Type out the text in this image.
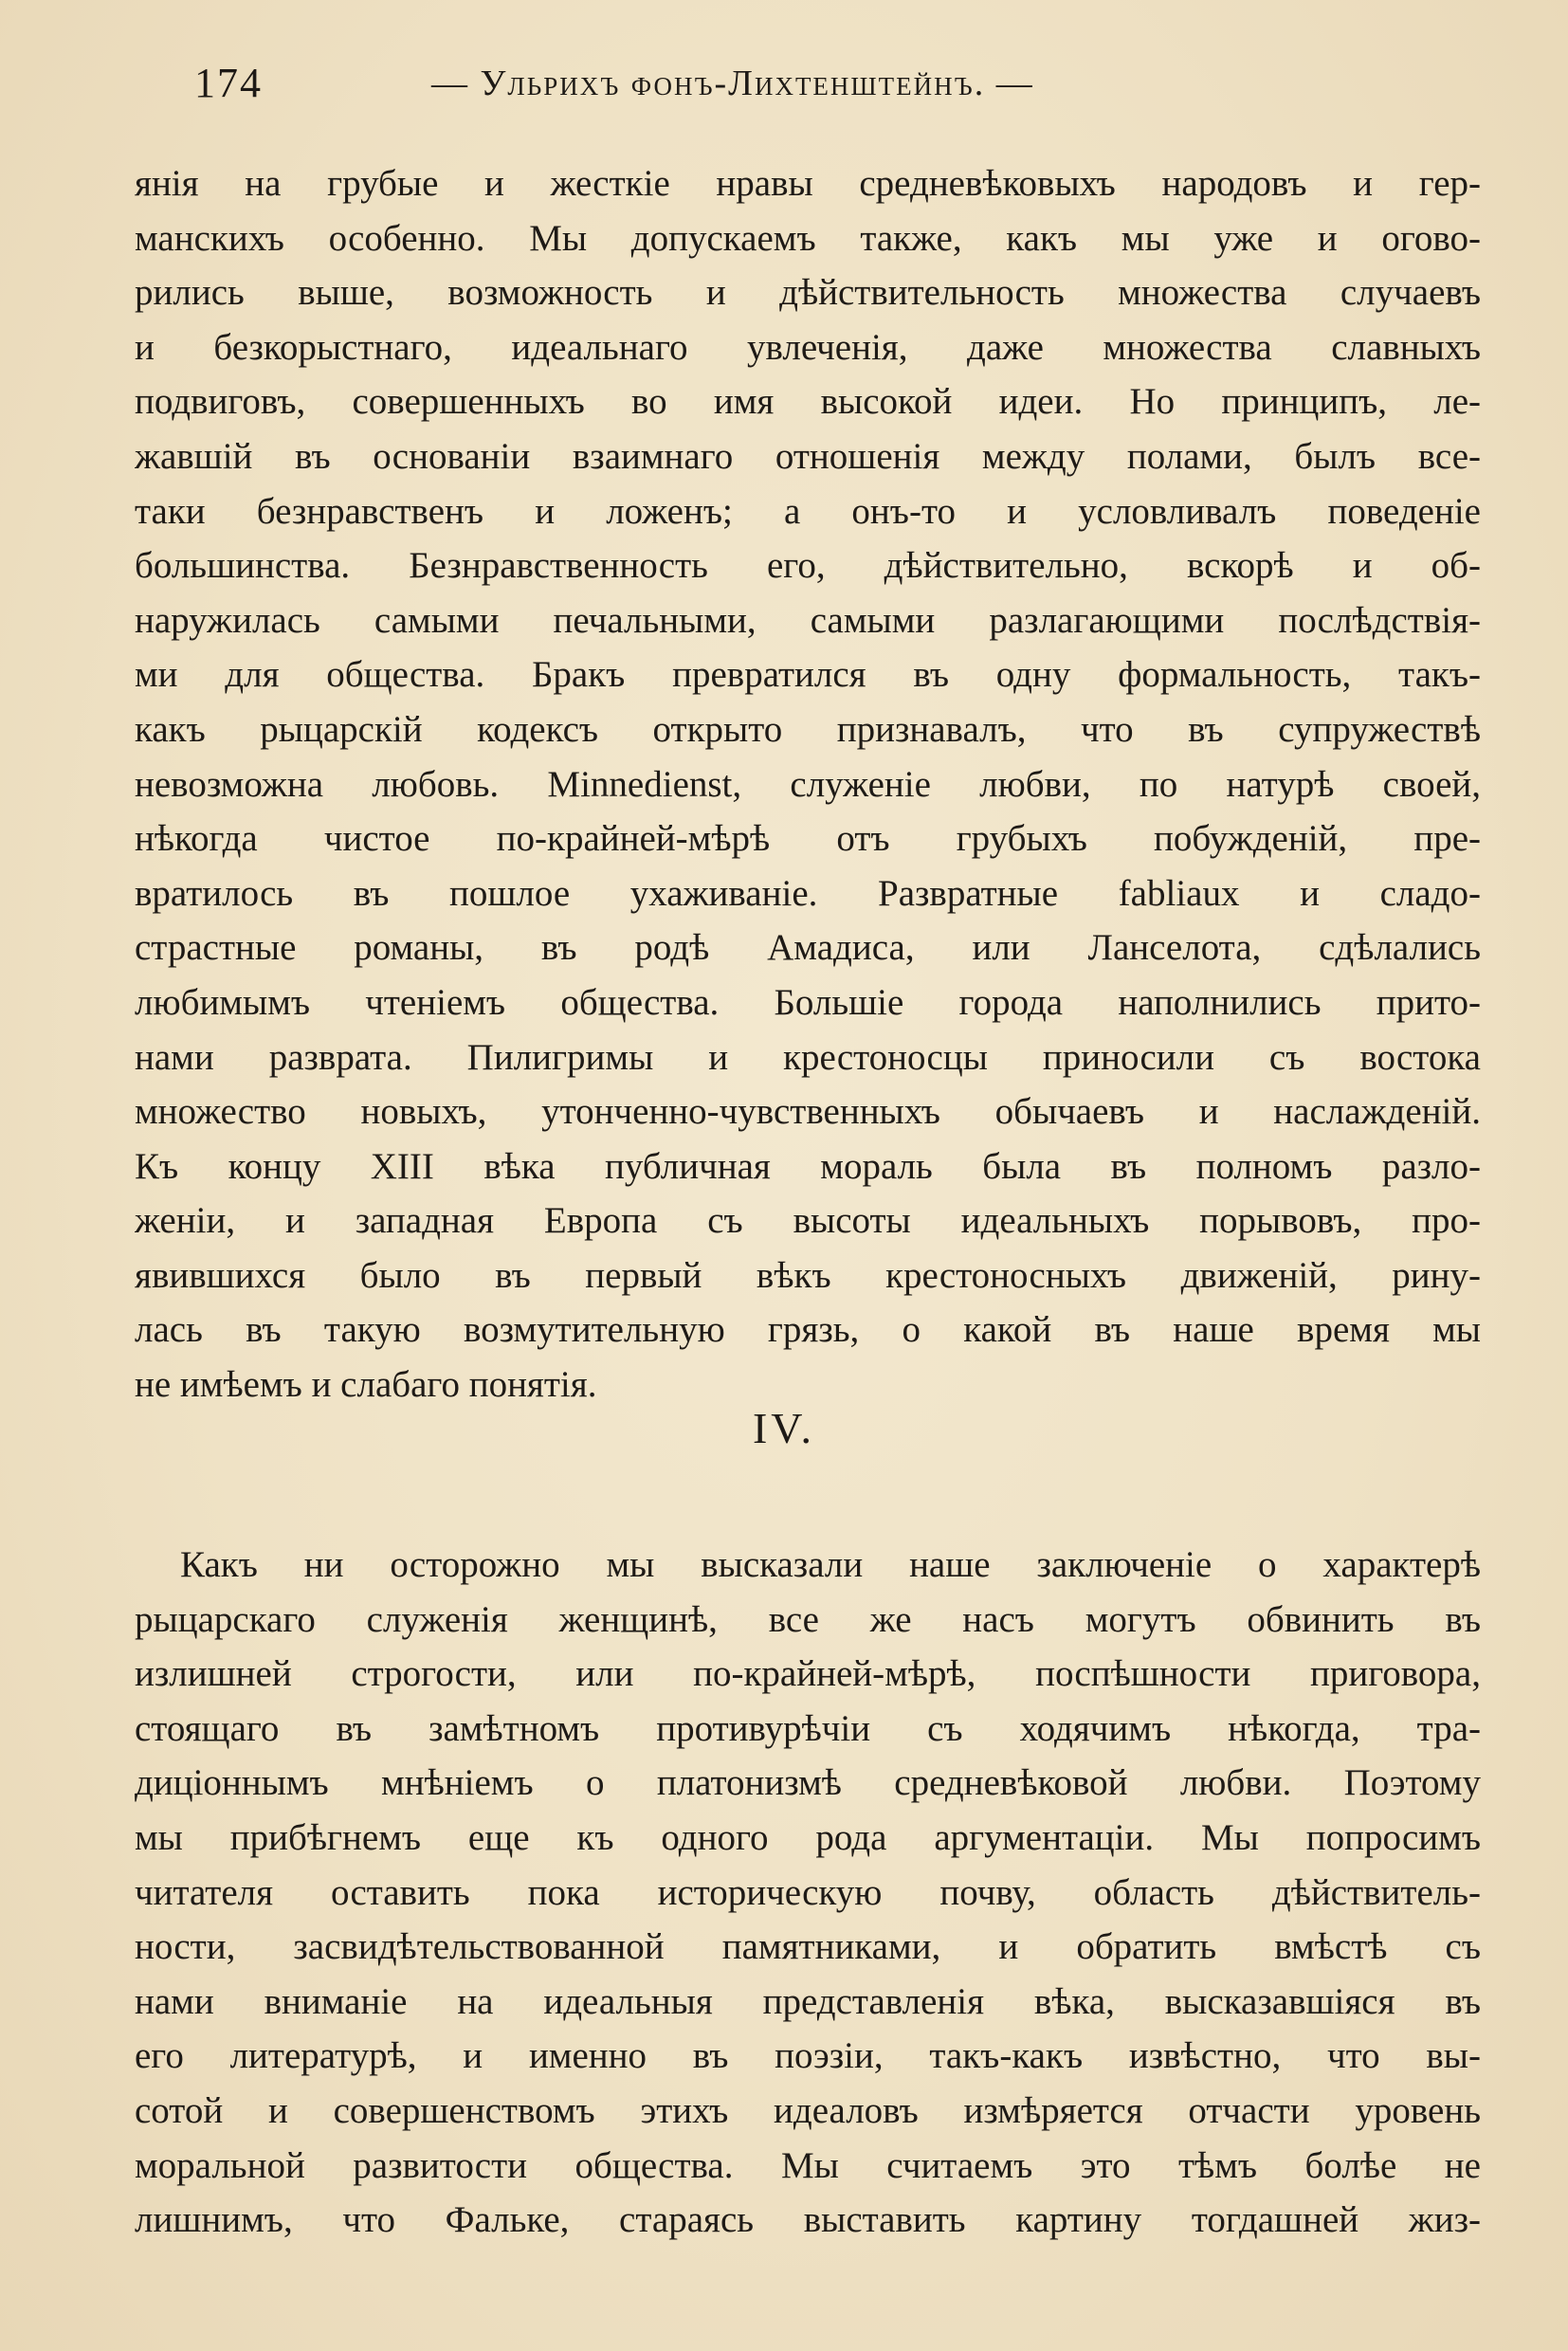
174	— Ульрихъ фонъ-Лихтенштейнъ. —
янія на грубые и жесткіе нравы средневѣковыхъ народовъ и гер-
манскихъ особенно. Мы допускаемъ также, какъ мы уже и огово-
рились выше, возможность и дѣйствительность множества случаевъ
и безкорыстнаго, идеальнаго увлеченія, даже множества славныхъ
подвиговъ, совершенныхъ во имя высокой идеи. Но принципъ, ле-
жавшій въ основаніи взаимнаго отношенія между полами, былъ все-
таки безнравственъ и ложенъ; а онъ-то и условливалъ поведеніе
большинства. Безнравственность его, дѣйствительно, вскорѣ и об-
наружилась самыми печальными, самыми разлагающими послѣдствія-
ми для общества. Бракъ превратился въ одну формальность, такъ-
какъ рыцарскій кодексъ открыто признавалъ, что въ супружествѣ
невозможна любовь. Minnedienst, служеніе любви, по натурѣ своей,
нѣкогда чистое по-крайней-мѣрѣ отъ грубыхъ побужденій, пре-
вратилось въ пошлое ухаживаніе. Развратные fabliaux и сладо-
страстные романы, въ родѣ Амадиса, или Ланселота, сдѣлались
любимымъ чтеніемъ общества. Большіе города наполнились прито-
нами разврата. Пилигримы и крестоносцы приносили съ востока
множество новыхъ, утонченно-чувственныхъ обычаевъ и наслажденій.
Къ концу XIII вѣка публичная мораль была въ полномъ разло-
женіи, и западная Европа съ высоты идеальныхъ порывовъ, про-
явившихся было въ первый вѣкъ крестоносныхъ движеній, рину-
лась въ такую возмутительную грязь, о какой въ наше время мы
не имѣемъ и слабаго понятія.
IV.
Какъ ни осторожно мы высказали наше заключеніе о характерѣ
рыцарскаго служенія женщинѣ, все же насъ могутъ обвинить въ
излишней строгости, или по-крайней-мѣрѣ, поспѣшности приговора,
стоящаго въ замѣтномъ противурѣчіи съ ходячимъ нѣкогда, тра-
диціоннымъ мнѣніемъ о платонизмѣ средневѣковой любви. Поэтому
мы прибѣгнемъ еще къ одного рода аргументаціи. Мы попросимъ
читателя оставить пока историческую почву, область дѣйствитель-
ности, засвидѣтельствованной памятниками, и обратить вмѣстѣ съ
нами вниманіе на идеальныя представленія вѣка, высказавшіяся въ
его литературѣ, и именно въ поэзіи, такъ-какъ извѣстно, что вы-
сотой и совершенствомъ этихъ идеаловъ измѣряется отчасти уровень
моральной развитости общества. Мы считаемъ это тѣмъ болѣе не
лишнимъ, что Фальке, стараясь выставить картину тогдашней жиз-
